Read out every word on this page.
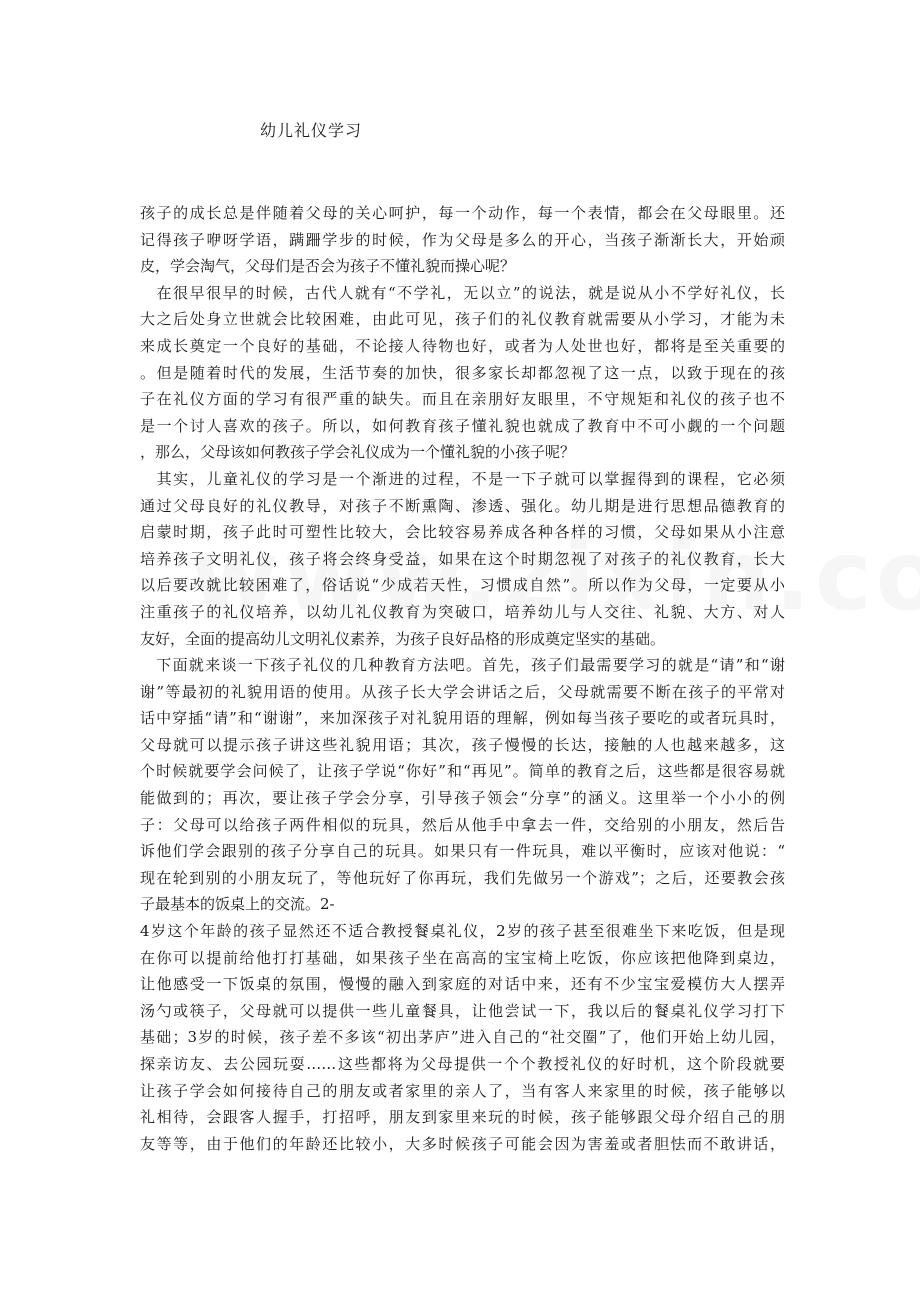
幼儿礼仪学习
孩子的成长总是伴随着父母的关心呵护，每一个动作，每一个表情，都会在父母眼里。还
记得孩子咿呀学语，蹒跚学步的时候，作为父母是多么的开心，当孩子渐渐长大，开始顽
皮，学会淘气，父母们是否会为孩子不懂礼貌而操心呢？
　在很早很早的时候，古代人就有“不学礼，无以立”的说法，就是说从小不学好礼仪，长
大之后处身立世就会比较困难，由此可见，孩子们的礼仪教育就需要从小学习，才能为未
来成长奠定一个良好的基础，不论接人待物也好，或者为人处世也好，都将是至关重要的
。但是随着时代的发展，生活节奏的加快，很多家长却都忽视了这一点，以致于现在的孩
子在礼仪方面的学习有很严重的缺失。而且在亲朋好友眼里，不守规矩和礼仪的孩子也不
是一个讨人喜欢的孩子。所以，如何教育孩子懂礼貌也就成了教育中不可小觑的一个问题
，那么，父母该如何教孩子学会礼仪成为一个懂礼貌的小孩子呢？
　其实，儿童礼仪的学习是一个渐进的过程，不是一下子就可以掌握得到的课程，它必须
通过父母良好的礼仪教导，对孩子不断熏陶、渗透、强化。幼儿期是进行思想品德教育的
启蒙时期，孩子此时可塑性比较大，会比较容易养成各种各样的习惯，父母如果从小注意
培养孩子文明礼仪，孩子将会终身受益，如果在这个时期忽视了对孩子的礼仪教育，长大
以后要改就比较困难了，俗话说“少成若天性，习惯成自然”。所以作为父母，一定要从小
注重孩子的礼仪培养，以幼儿礼仪教育为突破口，培养幼儿与人交往、礼貌、大方、对人
友好，全面的提高幼儿文明礼仪素养，为孩子良好品格的形成奠定坚实的基础。
　下面就来谈一下孩子礼仪的几种教育方法吧。首先，孩子们最需要学习的就是“请”和“谢
谢”等最初的礼貌用语的使用。从孩子长大学会讲话之后，父母就需要不断在孩子的平常对
话中穿插“请”和“谢谢”，来加深孩子对礼貌用语的理解，例如每当孩子要吃的或者玩具时，
父母就可以提示孩子讲这些礼貌用语；其次，孩子慢慢的长达，接触的人也越来越多，这
个时候就要学会问候了，让孩子学说“你好”和“再见”。简单的教育之后，这些都是很容易就
能做到的；再次，要让孩子学会分享，引导孩子领会“分享”的涵义。这里举一个小小的例
子：父母可以给孩子两件相似的玩具，然后从他手中拿去一件，交给别的小朋友，然后告
诉他们学会跟别的孩子分享自己的玩具。如果只有一件玩具，难以平衡时，应该对他说：“
现在轮到别的小朋友玩了，等他玩好了你再玩，我们先做另一个游戏”；之后，还要教会孩
子最基本的饭桌上的交流。2-
4岁这个年龄的孩子显然还不适合教授餐桌礼仪，2岁的孩子甚至很难坐下来吃饭，但是现
在你可以提前给他打打基础，如果孩子坐在高高的宝宝椅上吃饭，你应该把他降到桌边，
让他感受一下饭桌的氛围，慢慢的融入到家庭的对话中来，还有不少宝宝爱模仿大人摆弄
汤勺或筷子，父母就可以提供一些儿童餐具，让他尝试一下，我以后的餐桌礼仪学习打下
基础；3岁的时候，孩子差不多该“初出茅庐”进入自己的“社交圈”了，他们开始上幼儿园，
探亲访友、去公园玩耍……这些都将为父母提供一个个教授礼仪的好时机，这个阶段就要
让孩子学会如何接待自己的朋友或者家里的亲人了，当有客人来家里的时候，孩子能够以
礼相待，会跟客人握手，打招呼，朋友到家里来玩的时候，孩子能够跟父母介绍自己的朋
友等等，由于他们的年龄还比较小，大多时候孩子可能会因为害羞或者胆怯而不敢讲话，
